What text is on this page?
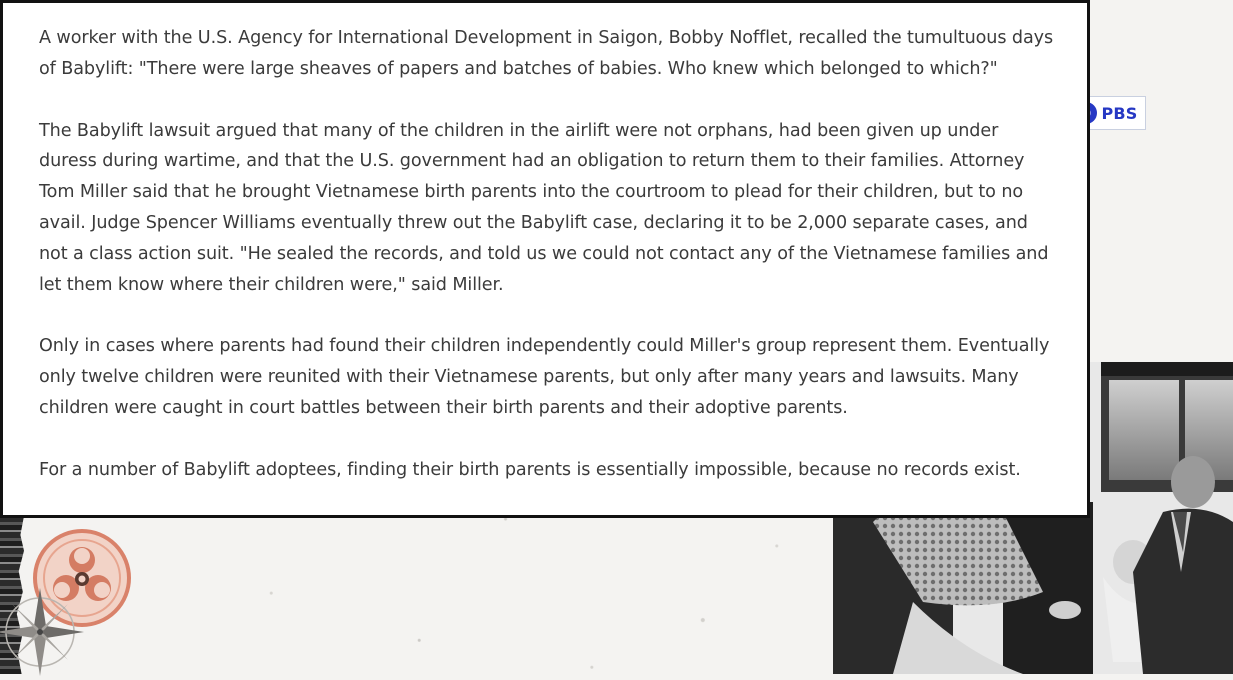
PBS

A worker with the U.S. Agency for International Development in Saigon, Bobby Nofflet, recalled the tumultuous days of Babylift: "There were large sheaves of papers and batches of babies. Who knew which belonged to which?"

The Babylift lawsuit argued that many of the children in the airlift were not orphans, had been given up under duress during wartime, and that the U.S. government had an obligation to return them to their families. Attorney Tom Miller said that he brought Vietnamese birth parents into the courtroom to plead for their children, but to no avail. Judge Spencer Williams eventually threw out the Babylift case, declaring it to be 2,000 separate cases, and not a class action suit. "He sealed the records, and told us we could not contact any of the Vietnamese families and let them know where their children were," said Miller.

Only in cases where parents had found their children independently could Miller's group represent them. Eventually only twelve children were reunited with their Vietnamese parents, but only after many years and lawsuits. Many children were caught in court battles between their birth parents and their adoptive parents.

For a number of Babylift adoptees, finding their birth parents is essentially impossible, because no records exist.
